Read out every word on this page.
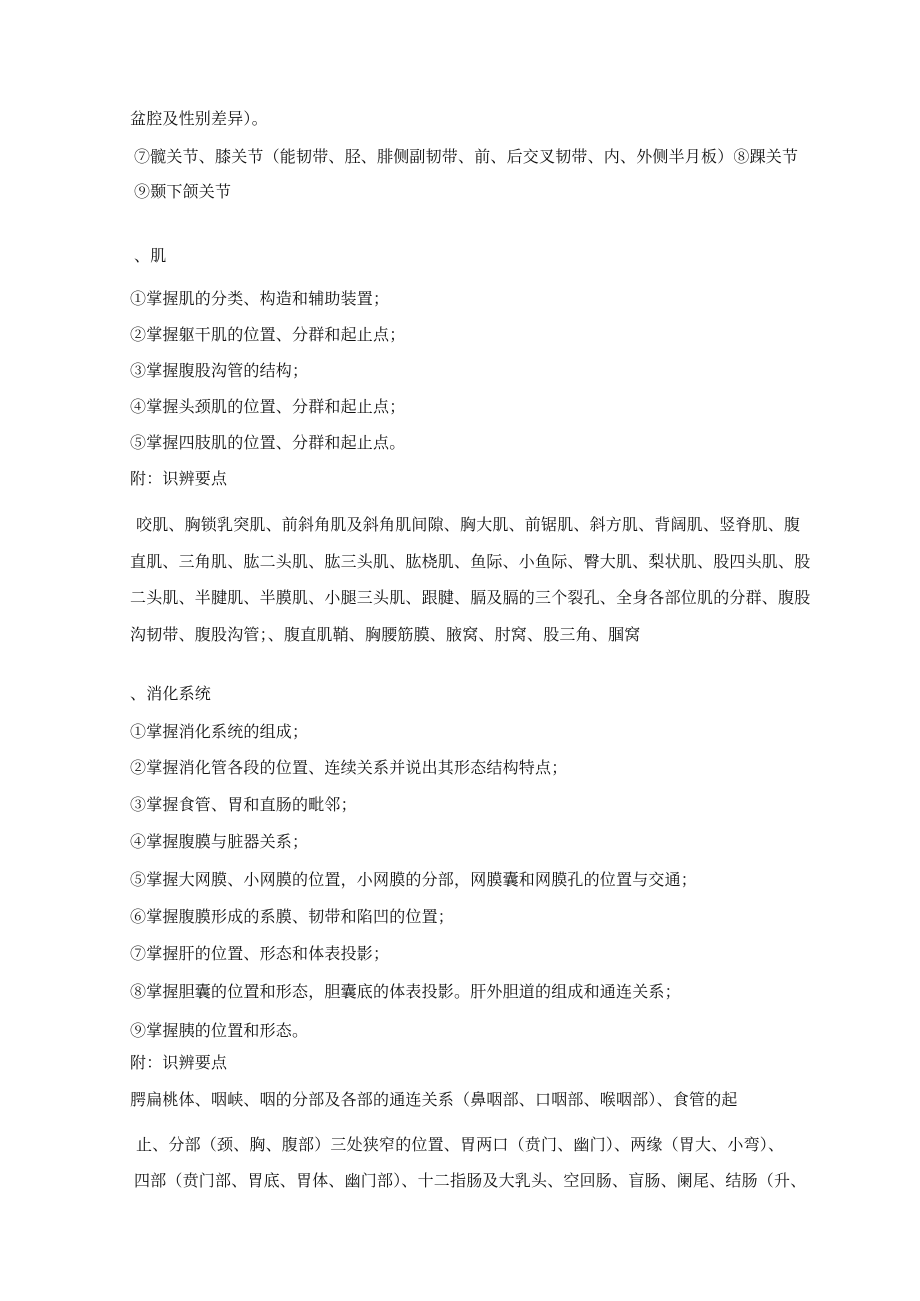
盆腔及性别差异）。
⑦髋关节、膝关节（能韧带、胫、腓侧副韧带、前、后交叉韧带、内、外侧半月板）⑧踝关节
⑨颞下颌关节
、肌
①掌握肌的分类、构造和辅助装置；
②掌握躯干肌的位置、分群和起止点；
③掌握腹股沟管的结构；
④掌握头颈肌的位置、分群和起止点；
⑤掌握四肢肌的位置、分群和起止点。
附：识辨要点
咬肌、胸锁乳突肌、前斜角肌及斜角肌间隙、胸大肌、前锯肌、斜方肌、背阔肌、竖脊肌、腹
直肌、三角肌、肱二头肌、肱三头肌、肱桡肌、鱼际、小鱼际、臀大肌、梨状肌、股四头肌、股
二头肌、半腱肌、半膜肌、小腿三头肌、跟腱、膈及膈的三个裂孔、全身各部位肌的分群、腹股
沟韧带、腹股沟管；、腹直肌鞘、胸腰筋膜、腋窝、肘窝、股三角、腘窝
、消化系统
①掌握消化系统的组成；
②掌握消化管各段的位置、连续关系并说出其形态结构特点；
③掌握食管、胃和直肠的毗邻；
④掌握腹膜与脏器关系；
⑤掌握大网膜、小网膜的位置，小网膜的分部，网膜囊和网膜孔的位置与交通；
⑥掌握腹膜形成的系膜、韧带和陷凹的位置；
⑦掌握肝的位置、形态和体表投影；
⑧掌握胆囊的位置和形态，胆囊底的体表投影。肝外胆道的组成和通连关系；
⑨掌握胰的位置和形态。
附：识辨要点
腭扁桃体、咽峡、咽的分部及各部的通连关系（鼻咽部、口咽部、喉咽部）、食管的起
止、分部（颈、胸、腹部）三处狭窄的位置、胃两口（贲门、幽门）、两缘（胃大、小弯）、
四部（贲门部、胃底、胃体、幽门部）、十二指肠及大乳头、空回肠、盲肠、阑尾、结肠（升、
